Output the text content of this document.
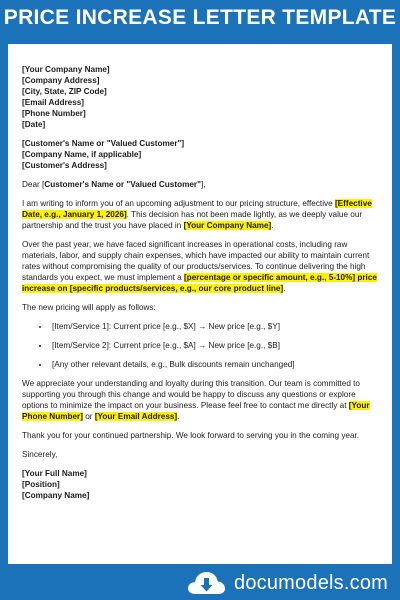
PRICE INCREASE LETTER TEMPLATE
[Your Company Name]
[Company Address]
[City, State, ZIP Code]
[Email Address]
[Phone Number]
[Date]
[Customer's Name or "Valued Customer"]
[Company Name, if applicable]
[Customer's Address]

Dear [Customer's Name or "Valued Customer"],

I am writing to inform you of an upcoming adjustment to our pricing structure, effective [Effective Date, e.g., January 1, 2026]. This decision has not been made lightly, as we deeply value our partnership and the trust you have placed in [Your Company Name].

Over the past year, we have faced significant increases in operational costs, including raw materials, labor, and supply chain expenses, which have impacted our ability to maintain current rates without compromising the quality of our products/services. To continue delivering the high standards you expect, we must implement a [percentage or specific amount, e.g., 5-10%] price increase on [specific products/services, e.g., our core product line].

The new pricing will apply as follows:

• [Item/Service 1]: Current price [e.g., $X] → New price [e.g., $Y]
• [Item/Service 2]: Current price [e.g., $A] → New price [e.g., $B]
• [Any other relevant details, e.g., Bulk discounts remain unchanged]

We appreciate your understanding and loyalty during this transition. Our team is committed to supporting you through this change and would be happy to discuss any questions or explore options to minimize the impact on your business. Please feel free to contact me directly at [Your Phone Number] or [Your Email Address].

Thank you for your continued partnership. We look forward to serving you in the coming year.

Sincerely,

[Your Full Name]
[Position]
[Company Name]
documodels.com
